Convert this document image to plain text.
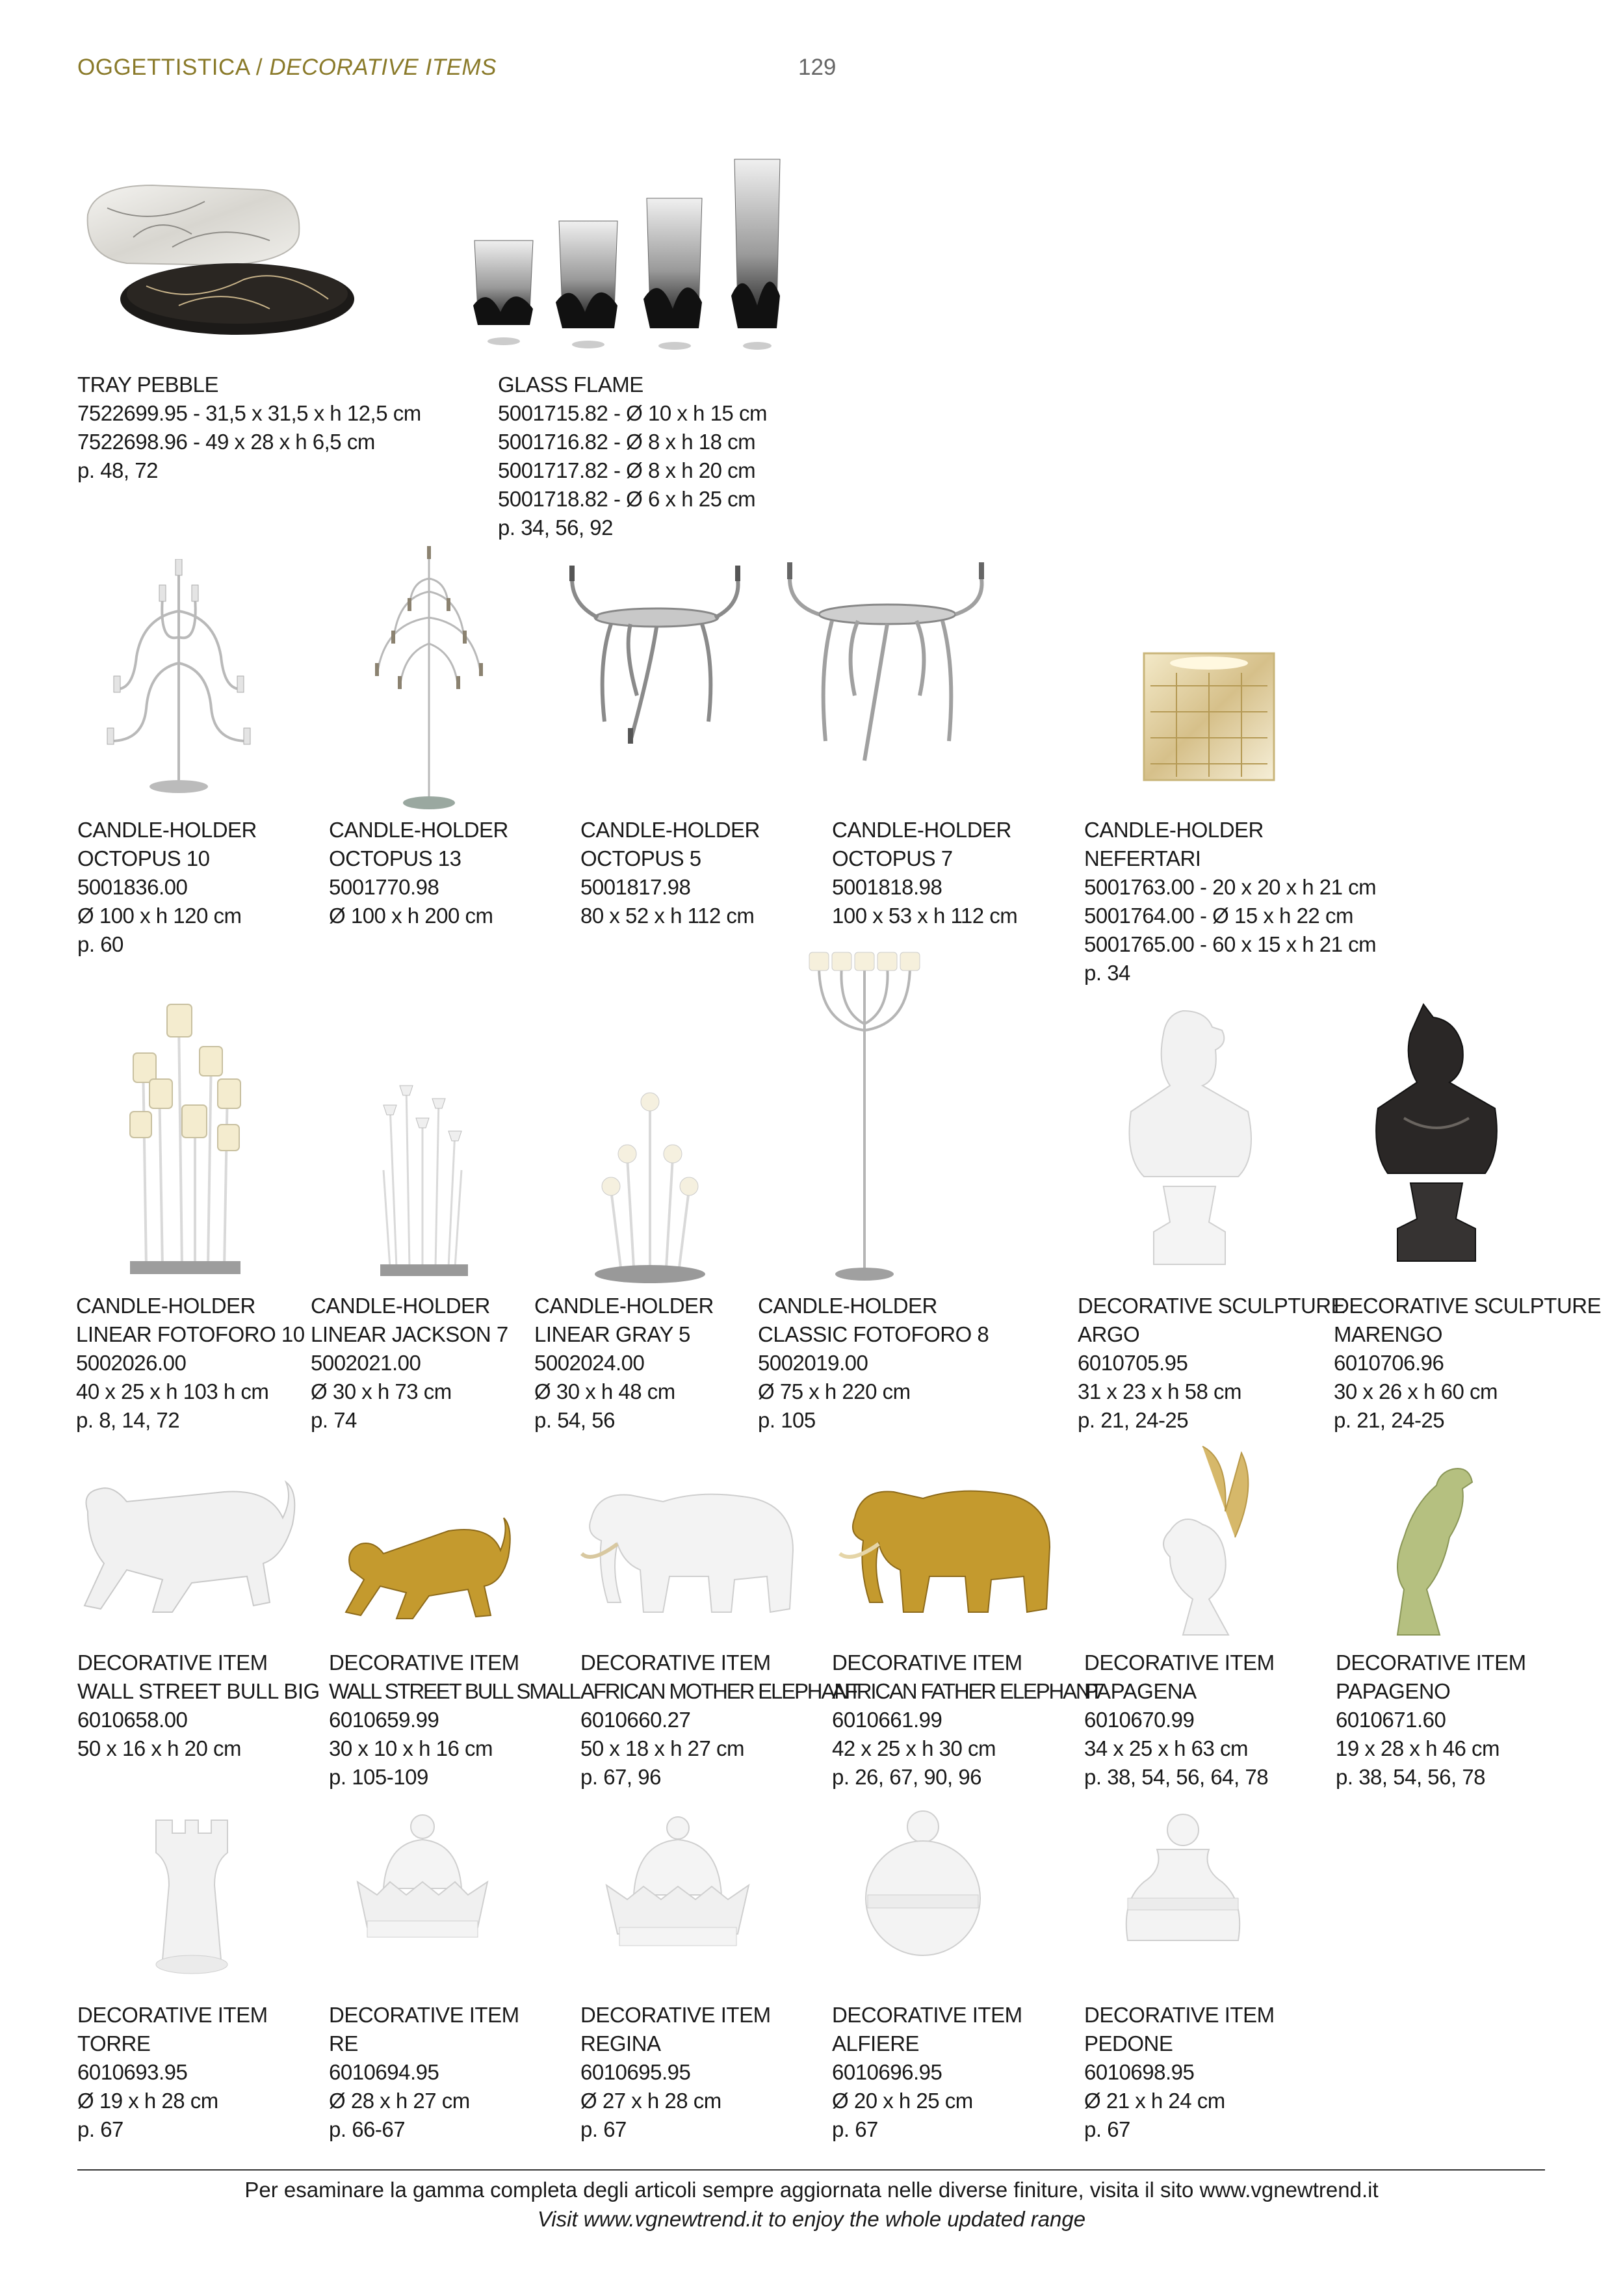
OGGETTISTICA / DECORATIVE ITEMS	129
TRAY PEBBLE
7522699.95 - 31,5 x 31,5 x h 12,5 cm
7522698.96 - 49 x 28 x h 6,5 cm
p. 48, 72
GLASS FLAME
5001715.82 - Ø 10 x h 15 cm
5001716.82 - Ø 8 x h 18 cm
5001717.82 - Ø 8 x h 20 cm
5001718.82 - Ø 6 x h 25 cm
p. 34, 56, 92
CANDLE-HOLDER
OCTOPUS 10
5001836.00
Ø 100 x h 120 cm
p. 60
CANDLE-HOLDER
OCTOPUS 13
5001770.98
Ø 100 x h 200 cm
CANDLE-HOLDER
OCTOPUS 5
5001817.98
80 x 52 x h 112 cm
CANDLE-HOLDER
OCTOPUS 7
5001818.98
100 x 53 x h 112 cm
CANDLE-HOLDER
NEFERTARI
5001763.00 - 20 x 20 x h 21 cm
5001764.00 - Ø 15 x h 22 cm
5001765.00 - 60 x 15 x h 21 cm
p. 34
CANDLE-HOLDER
LINEAR FOTOFORO 10
5002026.00
40 x 25 x h 103 h cm
p. 8, 14, 72
CANDLE-HOLDER
LINEAR JACKSON 7
5002021.00
Ø 30 x h 73 cm
p. 74
CANDLE-HOLDER
LINEAR GRAY 5
5002024.00
Ø 30 x h 48 cm
p. 54, 56
CANDLE-HOLDER
CLASSIC FOTOFORO 8
5002019.00
Ø 75 x h 220 cm
p. 105
DECORATIVE SCULPTURE
ARGO
6010705.95
31 x 23 x h 58 cm
p. 21, 24-25
DECORATIVE SCULPTURE
MARENGO
6010706.96
30 x 26 x h 60 cm
p. 21, 24-25
DECORATIVE ITEM
WALL STREET BULL BIG
6010658.00
50 x 16 x h 20 cm
DECORATIVE ITEM
WALL STREET BULL SMALL
6010659.99
30 x 10 x h 16 cm
p. 105-109
DECORATIVE ITEM
AFRICAN MOTHER ELEPHANT
6010660.27
50 x 18 x h 27 cm
p. 67, 96
DECORATIVE ITEM
AFRICAN FATHER ELEPHANT
6010661.99
42 x 25 x h 30 cm
p. 26, 67, 90, 96
DECORATIVE ITEM
PAPAGENA
6010670.99
34 x 25 x h 63 cm
p. 38, 54, 56, 64, 78
DECORATIVE ITEM
PAPAGENO
6010671.60
19 x 28 x h 46 cm
p. 38, 54, 56, 78
DECORATIVE ITEM
TORRE
6010693.95
Ø 19 x h 28 cm
p. 67
DECORATIVE ITEM
RE
6010694.95
Ø 28 x h 27 cm
p. 66-67
DECORATIVE ITEM
REGINA
6010695.95
Ø 27 x h 28 cm
p. 67
DECORATIVE ITEM
ALFIERE
6010696.95
Ø 20 x h 25 cm
p. 67
DECORATIVE ITEM
PEDONE
6010698.95
Ø 21 x h 24 cm
p. 67
Per esaminare la gamma completa degli articoli sempre aggiornata nelle diverse finiture, visita il sito www.vgnewtrend.it
Visit www.vgnewtrend.it to enjoy the whole updated range
